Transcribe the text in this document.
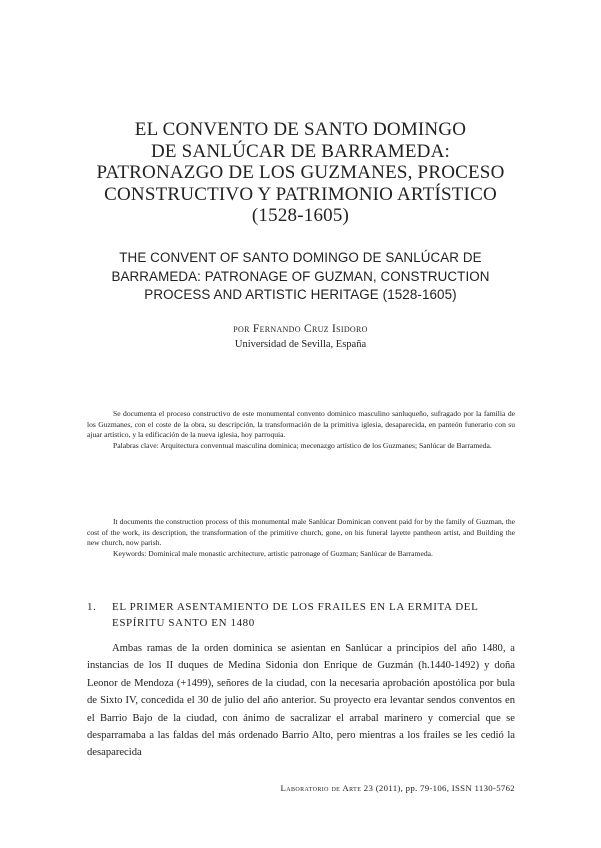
EL CONVENTO DE SANTO DOMINGO
DE SANLÚCAR DE BARRAMEDA:
PATRONAZGO DE LOS GUZMANES, PROCESO
CONSTRUCTIVO Y PATRIMONIO ARTÍSTICO
(1528-1605)
THE CONVENT OF SANTO DOMINGO DE SANLÚCAR DE
BARRAMEDA: PATRONAGE OF GUZMAN, CONSTRUCTION
PROCESS AND ARTISTIC HERITAGE (1528-1605)
por Fernando Cruz Isidoro
Universidad de Sevilla, España

Se documenta el proceso constructivo de este monumental convento dominico masculino sanluqueño, sufragado por la familia de los Guzmanes, con el coste de la obra, su descripción, la transformación de la primitiva iglesia, desaparecida, en panteón funerario con su ajuar artístico, y la edificación de la nueva iglesia, hoy parroquia.

Palabras clave: Arquitectura conventual masculina dominica; mecenazgo artístico de los Guzmanes; Sanlúcar de Barrameda.

It documents the construction process of this monumental male Sanlúcar Dominican convent paid for by the family of Guzman, the cost of the work, its description, the transformation of the primitive church, gone, on his funeral layette pantheon artist, and Building the new church, now parish.

Keywords: Dominical male monastic architecture, artistic patronage of Guzman; Sanlúcar de Barrameda.

1.	EL PRIMER ASENTAMIENTO DE LOS FRAILES EN LA ERMITA DEL ESPÍRITU SANTO EN 1480

Ambas ramas de la orden dominica se asientan en Sanlúcar a principios del año 1480, a instancias de los II duques de Medina Sidonia don Enrique de Guzmán (h.1440-1492) y doña Leonor de Mendoza (+1499), señores de la ciudad, con la necesaria aprobación apostólica por bula de Sixto IV, concedida el 30 de julio del año anterior. Su proyecto era levantar sendos conventos en el Barrio Bajo de la ciudad, con ánimo de sacralizar el arrabal marinero y comercial que se desparramaba a las faldas del más ordenado Barrio Alto, pero mientras a los frailes se les cedió la desaparecida

Laboratorio de Arte 23 (2011), pp. 79-106, ISSN 1130-5762
